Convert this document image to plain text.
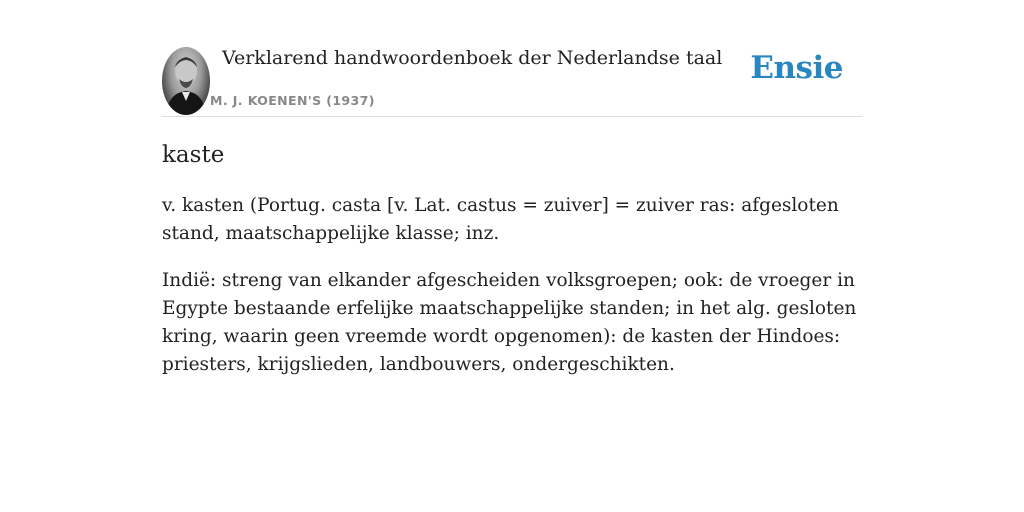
Verklarend handwoordenboek der Nederlandse taal
M. J. KOENEN'S (1937)
Ensie
kaste

v. kasten (Portug. casta [v. Lat. castus = zuiver] = zuiver ras: afgesloten stand, maatschappelijke klasse; inz.

Indië: streng van elkander afgescheiden volksgroepen; ook: de vroeger in Egypte bestaande erfelijke maatschappelijke standen; in het alg. gesloten kring, waarin geen vreemde wordt opgenomen): de kasten der Hindoes: priesters, krijgslieden, landbouwers, ondergeschikten.
